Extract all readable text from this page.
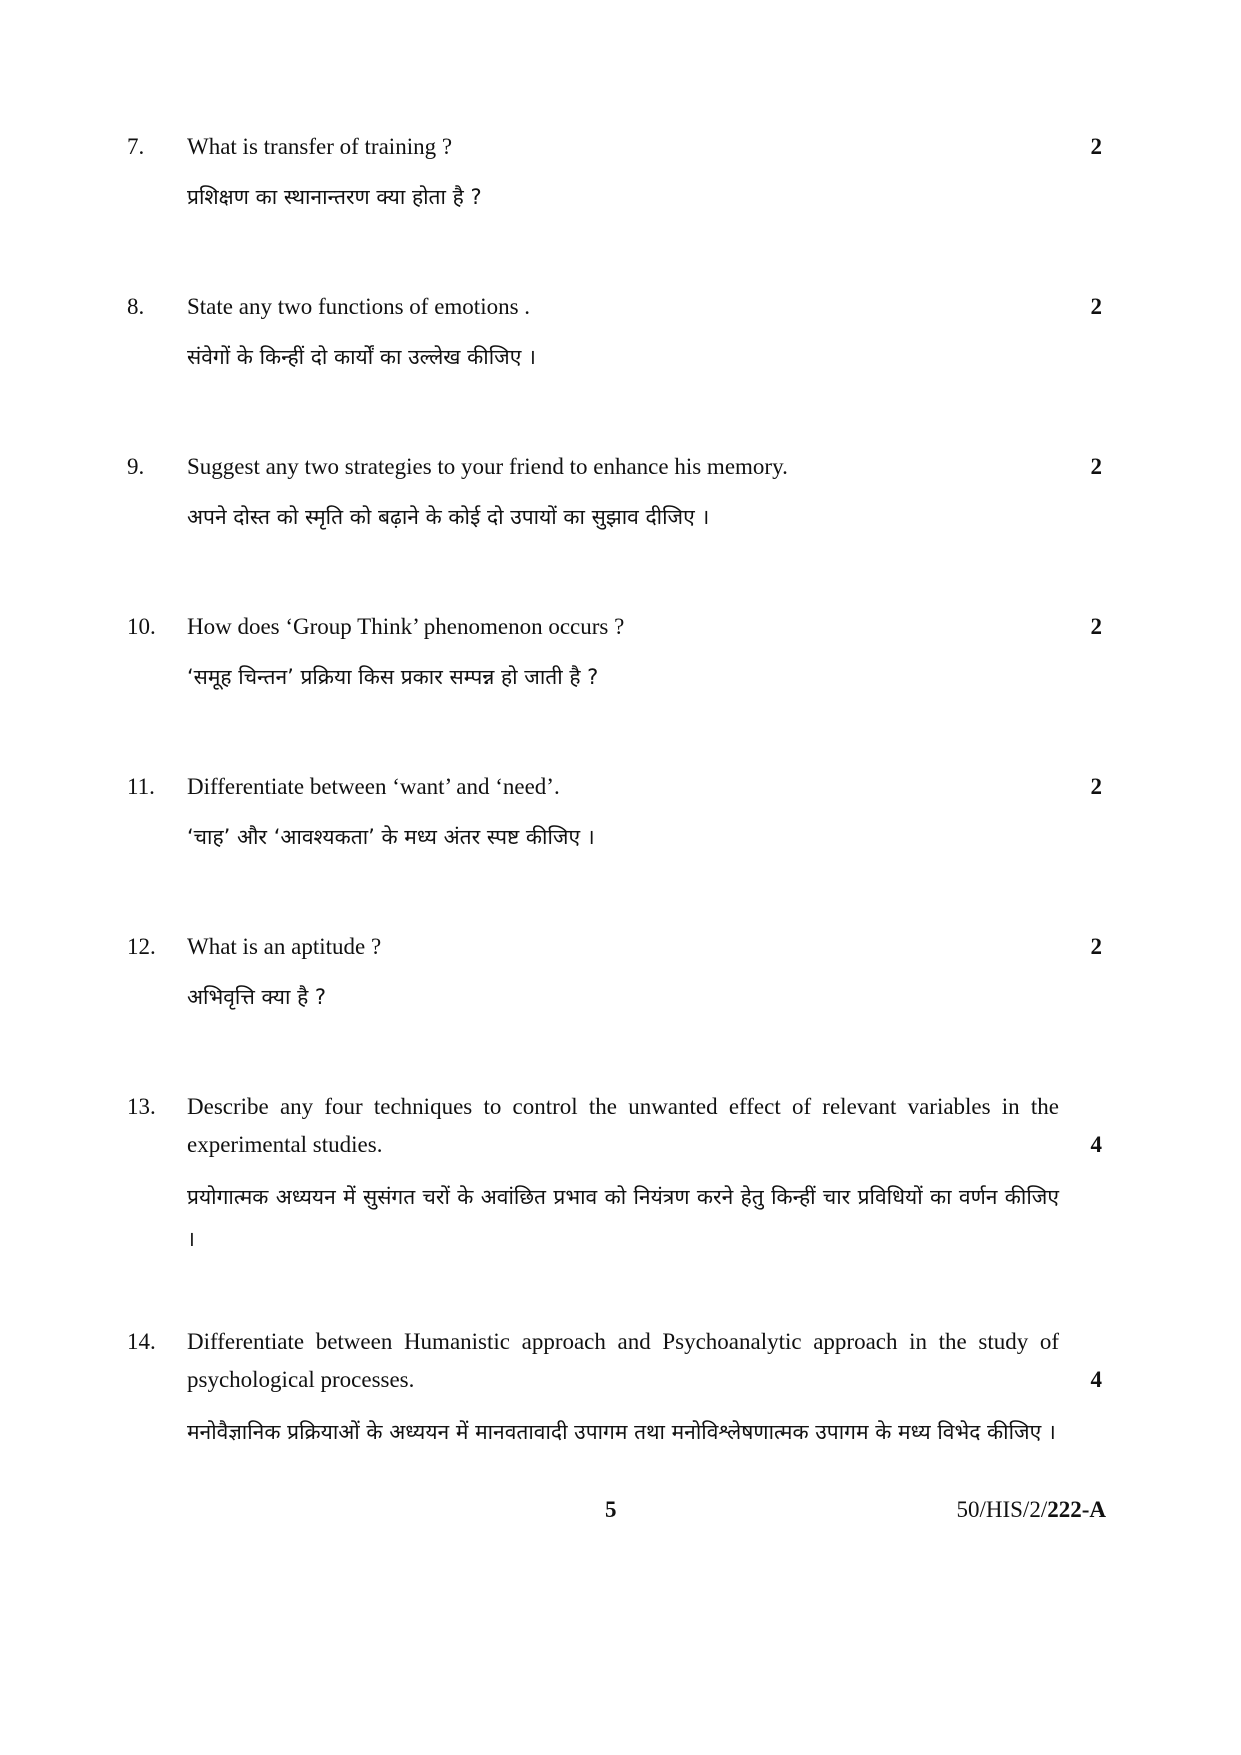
7. What is transfer of training ?	2
प्रशिक्षण का स्थानान्तरण क्या होता है ?
8. State any two functions of emotions .	2
संवेगों के किन्हीं दो कार्यों का उल्लेख कीजिए ।
9. Suggest any two strategies to your friend to enhance his memory.	2
अपने दोस्त को स्मृति को बढ़ाने के कोई दो उपायों का सुझाव दीजिए ।
10. How does ‘Group Think’ phenomenon occurs ?	2
‘समूह चिन्तन’ प्रक्रिया किस प्रकार सम्पन्न हो जाती है ?
11. Differentiate between ‘want’ and ‘need’.	2
‘चाह’ और ‘आवश्यकता’ के मध्य अंतर स्पष्ट कीजिए ।
12. What is an aptitude ?	2
अभिवृत्ति क्या है ?
13. Describe any four techniques to control the unwanted effect of relevant variables in the experimental studies.	4
प्रयोगात्मक अध्ययन में सुसंगत चरों के अवांछित प्रभाव को नियंत्रण करने हेतु किन्हीं चार प्रविधियों का वर्णन कीजिए ।
14. Differentiate between Humanistic approach and Psychoanalytic approach in the study of psychological processes.	4
मनोवैज्ञानिक प्रक्रियाओं के अध्ययन में मानवतावादी उपागम तथा मनोविश्लेषणात्मक उपागम के मध्य विभेद कीजिए ।
5	50/HIS/2/222-A
